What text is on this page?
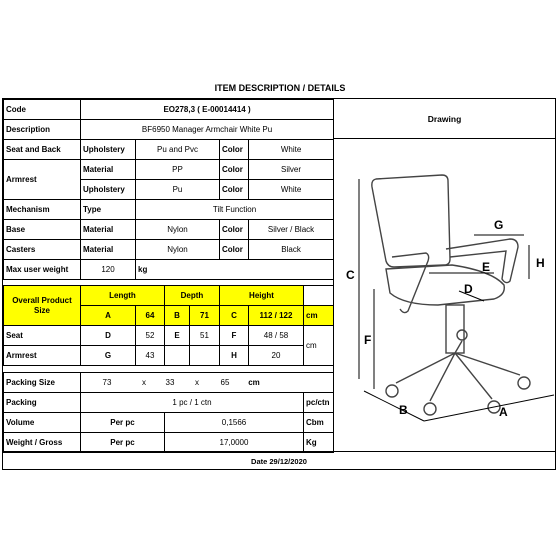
ITEM DESCRIPTION / DETAILS
Code	EO278,3 ( E-00014414 )						
Description	BF6950 Manager Armchair White Pu						
Seat and Back	Upholstery	Pu and Pvc			Color	White	
Armrest	Material	PP			Color	Silver	
	Upholstery	Pu			Color	White	
Mechanism	Type	Tilt Function					
Base	Material	Nylon			Color	Silver / Black	
Casters	Material	Nylon			Color	Black	
Max user weight	120	kg					

Overall Product Size	Length		Depth		Height		
	A	64	B	71	C	112 / 122	cm
Seat	D	52	E	51	F	48 / 58	cm
Armrest	G	43			H	20	

Packing Size	73 x 33 x 65 cm						
Packing	1 pc / 1 ctn						pc/ctn
Volume	Per pc		0,1566				Cbm
Weight / Gross	Per pc		17,0000				Kg
Drawing
C
F
G
H
E
D
B	A
Date 29/12/2020
